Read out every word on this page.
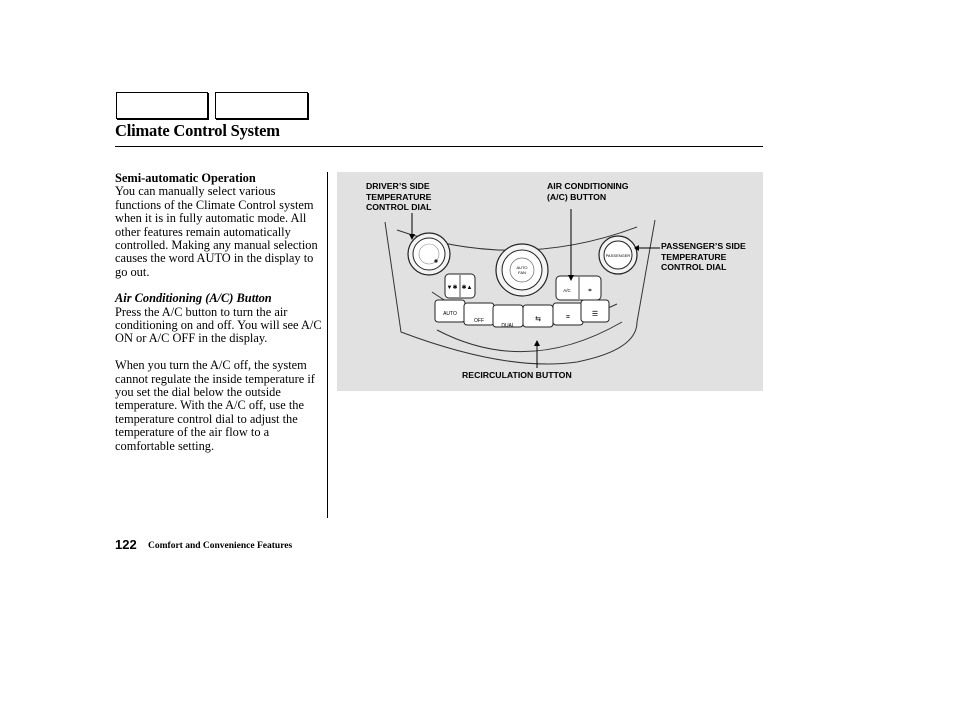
Climate Control System

Semi-automatic Operation

You can manually select various functions of the Climate Control system when it is in fully automatic mode. All other features remain automatically controlled. Making any manual selection causes the word AUTO in the display to go out.

Air Conditioning (A/C) Button

Press the A/C button to turn the air conditioning on and off. You will see A/C ON or A/C OFF in the display.

When you turn the A/C off, the system cannot regulate the inside temperature if you set the dial below the outside temperature. With the A/C off, use the temperature control dial to adjust the temperature of the air flow to a comfortable setting.

AUTO
FAN
PASSENGER
▼✱ ✱▲	A/C	⌗
AUTO
OFF
DUAL
⇆	⌗	☰
DRIVER’S SIDE
TEMPERATURE
CONTROL DIAL
AIR CONDITIONING
(A/C) BUTTON
PASSENGER’S SIDE
TEMPERATURE
CONTROL DIAL
RECIRCULATION BUTTON
122 Comfort and Convenience Features
